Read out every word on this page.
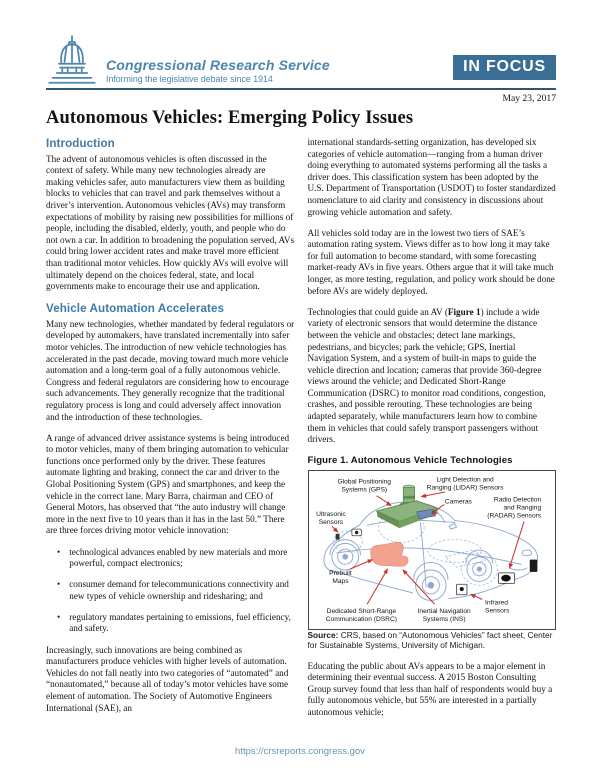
Congressional Research Service
Informing the legislative debate since 1914
IN FOCUS
May 23, 2017
Autonomous Vehicles: Emerging Policy Issues
Introduction

The advent of autonomous vehicles is often discussed in the context of safety. While many new technologies already are making vehicles safer, auto manufacturers view them as building blocks to vehicles that can travel and park themselves without a driver’s intervention. Autonomous vehicles (AVs) may transform expectations of mobility by raising new possibilities for millions of people, including the disabled, elderly, youth, and people who do not own a car. In addition to broadening the population served, AVs could bring lower accident rates and make travel more efficient than traditional motor vehicles. How quickly AVs will evolve will ultimately depend on the choices federal, state, and local governments make to encourage their use and application.

Vehicle Automation Accelerates

Many new technologies, whether mandated by federal regulators or developed by automakers, have translated incrementally into safer motor vehicles. The introduction of new vehicle technologies has accelerated in the past decade, moving toward much more vehicle automation and a long-term goal of a fully autonomous vehicle. Congress and federal regulators are considering how to encourage such advancements. They generally recognize that the traditional regulatory process is long and could adversely affect innovation and the introduction of these technologies.

A range of advanced driver assistance systems is being introduced to motor vehicles, many of them bringing automation to vehicular functions once performed only by the driver. These features automate lighting and braking, connect the car and driver to the Global Positioning System (GPS) and smartphones, and keep the vehicle in the correct lane. Mary Barra, chairman and CEO of General Motors, has observed that “the auto industry will change more in the next five to 10 years than it has in the last 50.” There are three forces driving motor vehicle innovation:

• technological advances enabled by new materials and more powerful, compact electronics;
• consumer demand for telecommunications connectivity and new types of vehicle ownership and ridesharing; and
• regulatory mandates pertaining to emissions, fuel efficiency, and safety.

Increasingly, such innovations are being combined as manufacturers produce vehicles with higher levels of automation. Vehicles do not fall neatly into two categories of “automated” and “nonautomated,” because all of today’s motor vehicles have some element of automation. The Society of Automotive Engineers International (SAE), an

international standards-setting organization, has developed six categories of vehicle automation—ranging from a human driver doing everything to automated systems performing all the tasks a driver does. This classification system has been adopted by the U.S. Department of Transportation (USDOT) to foster standardized nomenclature to aid clarity and consistency in discussions about growing vehicle automation and safety.

All vehicles sold today are in the lowest two tiers of SAE’s automation rating system. Views differ as to how long it may take for full automation to become standard, with some forecasting market-ready AVs in five years. Others argue that it will take much longer, as more testing, regulation, and policy work should be done before AVs are widely deployed.

Technologies that could guide an AV (Figure 1) include a wide variety of electronic sensors that would determine the distance between the vehicle and obstacles; detect lane markings, pedestrians, and bicycles; park the vehicle; GPS, Inertial Navigation System, and a system of built-in maps to guide the vehicle direction and location; cameras that provide 360-degree views around the vehicle; and Dedicated Short-Range Communication (DSRC) to monitor road conditions, congestion, crashes, and possible rerouting. These technologies are being adapted separately, while manufacturers learn how to combine them in vehicles that could safely transport passengers without drivers.

Figure 1. Autonomous Vehicle Technologies
Global Positioning
Systems (GPS)
Light Detection and
Ranging (LIDAR) Sensors
Cameras
Ultrasonic
Sensors
Radio Detection
and Ranging
(RADAR) Sensors
Prebuilt
Maps
Dedicated Short-Range
Communication (DSRC)
Inertial Navigation
Systems (INS)
Infrared
Sensors

Source: CRS, based on “Autonomous Vehicles” fact sheet, Center for Sustainable Systems, University of Michigan.

Educating the public about AVs appears to be a major element in determining their eventual success. A 2015 Boston Consulting Group survey found that less than half of respondents would buy a fully autonomous vehicle, but 55% are interested in a partially autonomous vehicle;

https://crsreports.congress.gov
